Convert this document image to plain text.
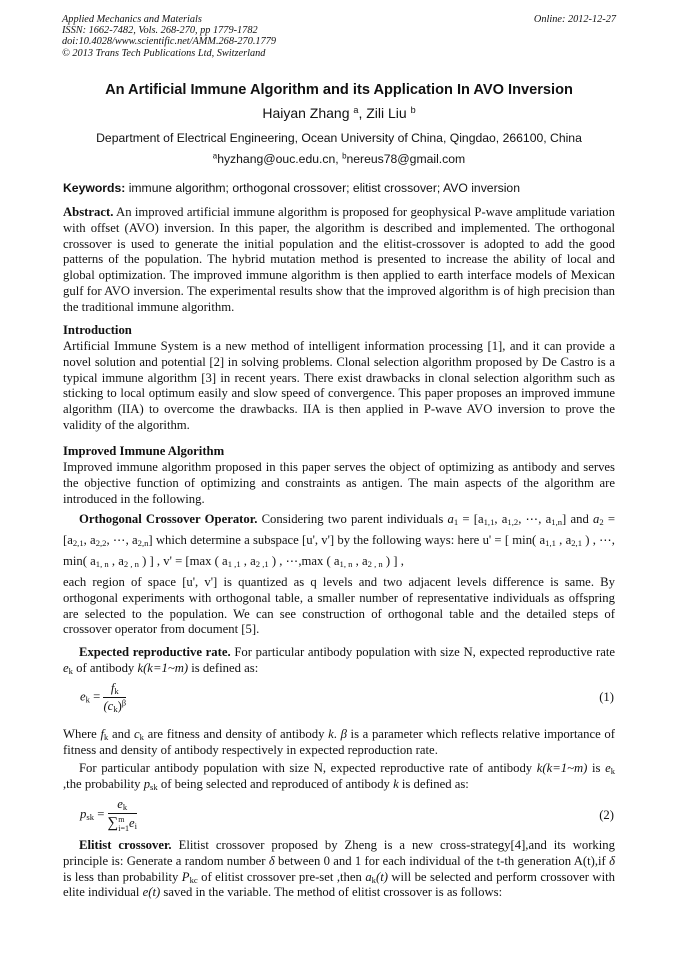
Applied Mechanics and Materials
ISSN: 1662-7482, Vols. 268-270, pp 1779-1782
doi:10.4028/www.scientific.net/AMM.268-270.1779
© 2013 Trans Tech Publications Ltd, Switzerland
Online: 2012-12-27
An Artificial Immune Algorithm and its Application In AVO Inversion
Haiyan Zhang $^a$, Zili Liu $^b$
Department of Electrical Engineering, Ocean University of China, Qingdao, 266100, China
$^a$hyzhang@ouc.edu.cn, $^b$nereus78@gmail.com
Keywords: immune algorithm; orthogonal crossover; elitist crossover; AVO inversion

Abstract. An improved artificial immune algorithm is proposed for geophysical P-wave amplitude variation with offset (AVO) inversion. In this paper, the algorithm is described and implemented. The orthogonal crossover is used to generate the initial population and the elitist-crossover is adopted to add the good patterns of the population. The hybrid mutation method is presented to increase the ability of local and global optimization. The improved immune algorithm is then applied to earth interface models of Mexican gulf for AVO inversion. The experimental results show that the improved algorithm is of high precision than the traditional immune algorithm.

Introduction

Artificial Immune System is a new method of intelligent information processing [1], and it can provide a novel solution and potential [2] in solving problems. Clonal selection algorithm proposed by De Castro is a typical immune algorithm [3] in recent years. There exist drawbacks in clonal selection algorithm such as sticking to local optimum easily and slow speed of convergence. This paper proposes an improved immune algorithm (IIA) to overcome the drawbacks. IIA is then applied in P-wave AVO inversion to prove the validity of the algorithm.

Improved Immune Algorithm

Improved immune algorithm proposed in this paper serves the object of optimizing as antibody and serves the objective function of optimizing and constraints as antigen. The main aspects of the algorithm are introduced in the following.

Orthogonal Crossover Operator. Considering two parent individuals $a_1 = [a_{1,1}$, $a_{1,2}$, ⋯, $a_{1,n}$] and $a_2 = [a_{2,1}$, $a_{2,2}$, ⋯, $a_{2,n}$] which determine a subspace [u', v'] by the following ways: here u' = [ min( $a_{1,1}$ , $a_{2,1}$ ) , ⋯, min( $a_{1, n}$ , $a_{2 , n}$ ) ] , v' = [max ( $a_{1 ,1}$ , $a_{2 ,1}$ ) , ⋯,max ( $a_{1, n}$ , $a_{2 , n}$ ) ] ,

each region of space [u', v'] is quantized as q levels and two adjacent levels difference is same. By orthogonal experiments with orthogonal table, a smaller number of representative individuals as offspring are selected to the population. We can see construction of orthogonal table and the detailed steps of crossover operator from document [5].

Expected reproductive rate. For particular antibody population with size N, expected reproductive rate $e_k$ of antibody k(k=1~m) is defined as:

$e_k = \frac{f_k}{(c_k)^\beta}$	(1)

Where $f_k$ and $c_k$ are fitness and density of antibody k. β is a parameter which reflects relative importance of fitness and density of antibody respectively in expected reproduction rate.

For particular antibody population with size N, expected reproductive rate of antibody k(k=1~m) is $e_k$ ,the probability $p_{sk}$ of being selected and reproduced of antibody k is defined as:

$p_{sk} = e_k$
∑ m
i=1 $e_i$	(2)

Elitist crossover. Elitist crossover proposed by Zheng is a new cross-strategy[4],and its working principle is: Generate a random number δ between 0 and 1 for each individual of the t-th generation A(t),if δ is less than probability $P_{kc}$ of elitist crossover pre-set ,then $a_k(t)$ will be selected and perform crossover with elite individual e(t) saved in the variable. The method of elitist crossover is as follows:
